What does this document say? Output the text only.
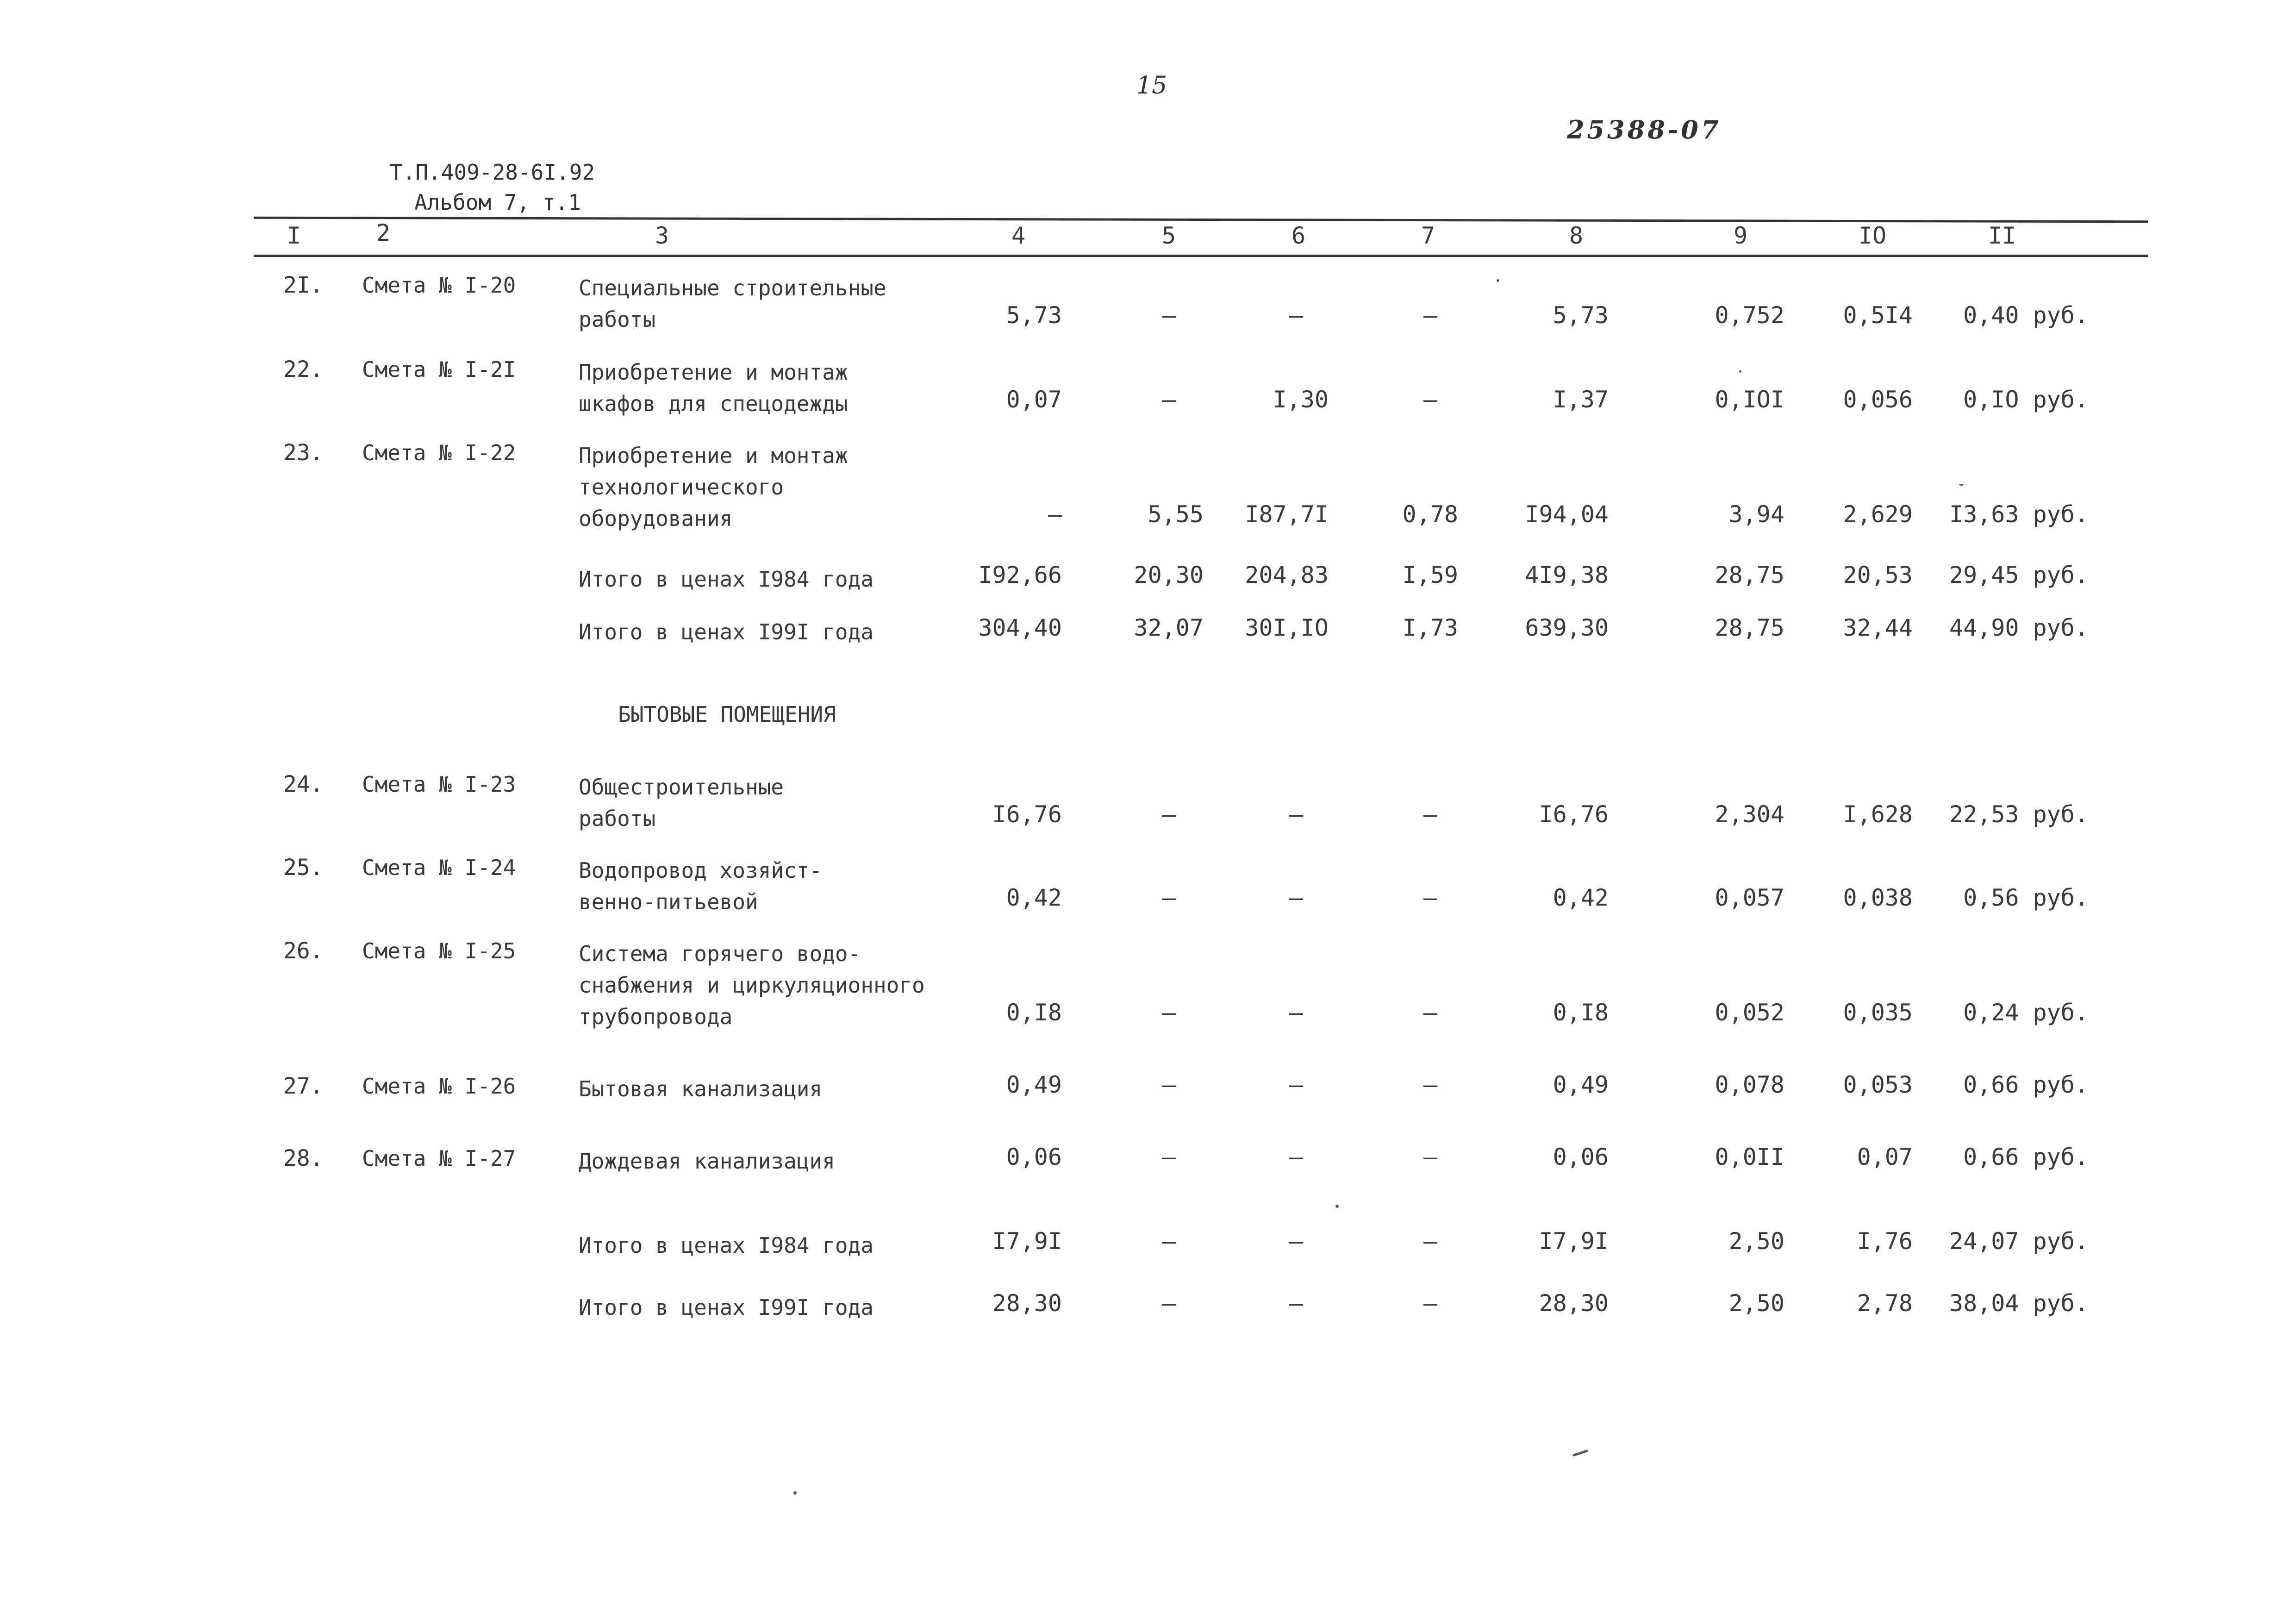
15
25388-07
Т.П.409-28-6I.92
Альбом 7, т.1
I	2	3	4	5	6	7	8	9	IO	II
БЫТОВЫЕ ПОМЕЩЕНИЯ
2I. Смета № I-20	Специальные строительные
работы	5,73	–	–	–	5,73	0,752	0,5I4	0,40 руб.
22. Смета № I-2I	Приобретение и монтаж
шкафов для спецодежды	0,07	–	I,30	–	I,37	0,IOI	0,056	0,IO руб.
23. Смета № I-22	Приобретение и монтаж
технологического
оборудования	–	5,55	I87,7I	0,78	I94,04	3,94	2,629	I3,63 руб.
Итого в ценах I984 года	I92,66	20,30	204,83	I,59	4I9,38	28,75	20,53	29,45 руб.
Итого в ценах I99I года	304,40	32,07	30I,IO	I,73	639,30	28,75	32,44	44,90 руб.
24. Смета № I-23	Общестроительные
работы	I6,76	–	–	–	I6,76	2,304	I,628	22,53 руб.
25. Смета № I-24	Водопровод хозяйст-
венно-питьевой	0,42	–	–	–	0,42	0,057	0,038	0,56 руб.
26. Смета № I-25	Система горячего водо-
снабжения и циркуляционного
трубопровода	0,I8	–	–	–	0,I8	0,052	0,035	0,24 руб.
27. Смета № I-26	Бытовая канализация	0,49	–	–	–	0,49	0,078	0,053	0,66 руб.
28. Смета № I-27	Дождевая канализация	0,06	–	–	–	0,06	0,0II	0,07	0,66 руб.
Итого в ценах I984 года	I7,9I	–	–	–	I7,9I	2,50	I,76	24,07 руб.
Итого в ценах I99I года	28,30	–	–	–	28,30	2,50	2,78	38,04 руб.
